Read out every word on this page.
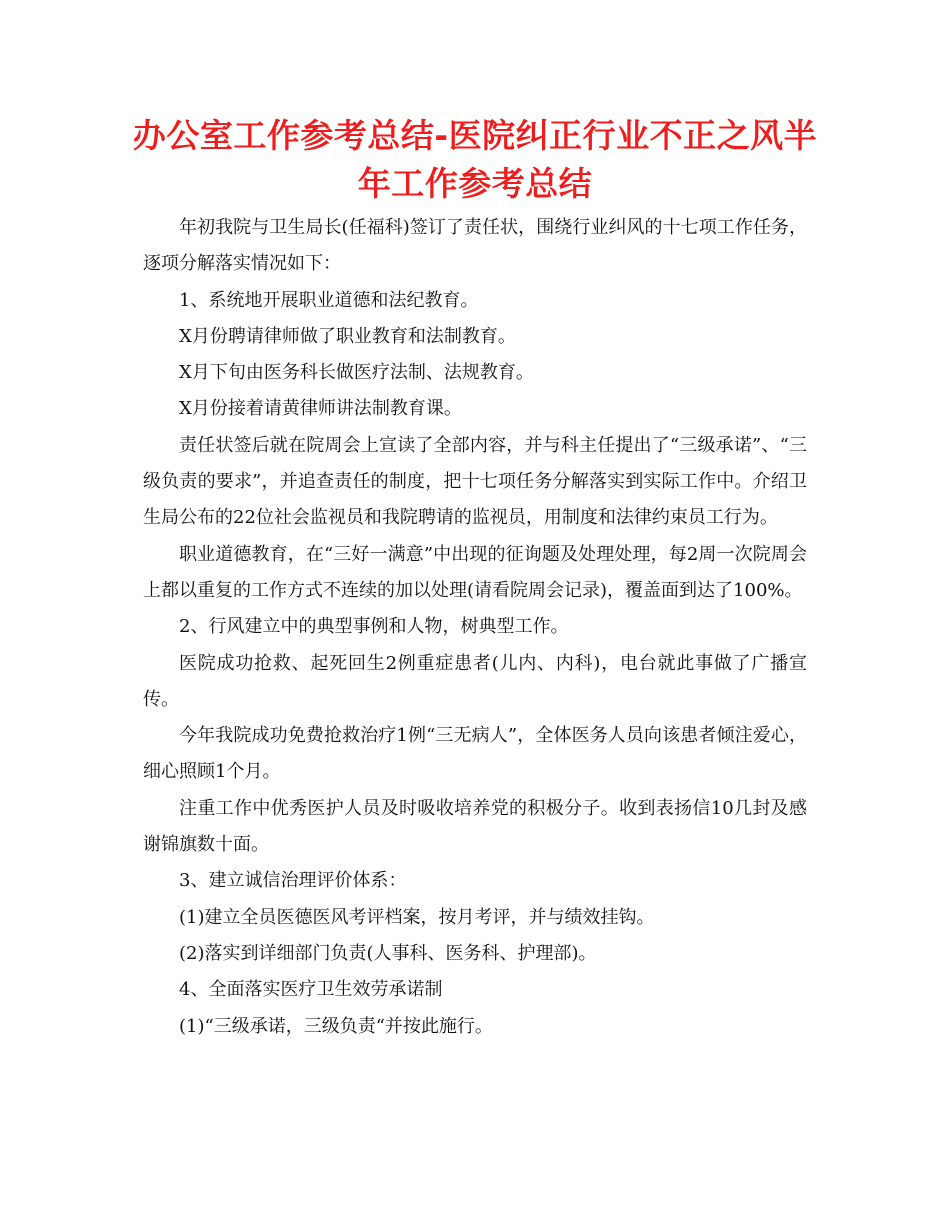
办公室工作参考总结-医院纠正行业不正之风半年工作参考总结

年初我院与卫生局长(任福科)签订了责任状，围绕行业纠风的十七项工作任务，逐项分解落实情况如下：

1、系统地开展职业道德和法纪教育。

X月份聘请律师做了职业教育和法制教育。

X月下旬由医务科长做医疗法制、法规教育。

X月份接着请黄律师讲法制教育课。

责任状签后就在院周会上宣读了全部内容，并与科主任提出了“三级承诺”、“三级负责的要求”，并追查责任的制度，把十七项任务分解落实到实际工作中。介绍卫生局公布的22位社会监视员和我院聘请的监视员，用制度和法律约束员工行为。

职业道德教育，在“三好一满意”中出现的征询题及处理处理，每2周一次院周会上都以重复的工作方式不连续的加以处理(请看院周会记录)，覆盖面到达了100%。

2、行风建立中的典型事例和人物，树典型工作。

医院成功抢救、起死回生2例重症患者(儿内、内科)，电台就此事做了广播宣传。

今年我院成功免费抢救治疗1例“三无病人”，全体医务人员向该患者倾注爱心，细心照顾1个月。

注重工作中优秀医护人员及时吸收培养党的积极分子。收到表扬信10几封及感谢锦旗数十面。

3、建立诚信治理评价体系：

(1)建立全员医德医风考评档案，按月考评，并与绩效挂钩。

(2)落实到详细部门负责(人事科、医务科、护理部)。

4、全面落实医疗卫生效劳承诺制

(1)“三级承诺，三级负责“并按此施行。
